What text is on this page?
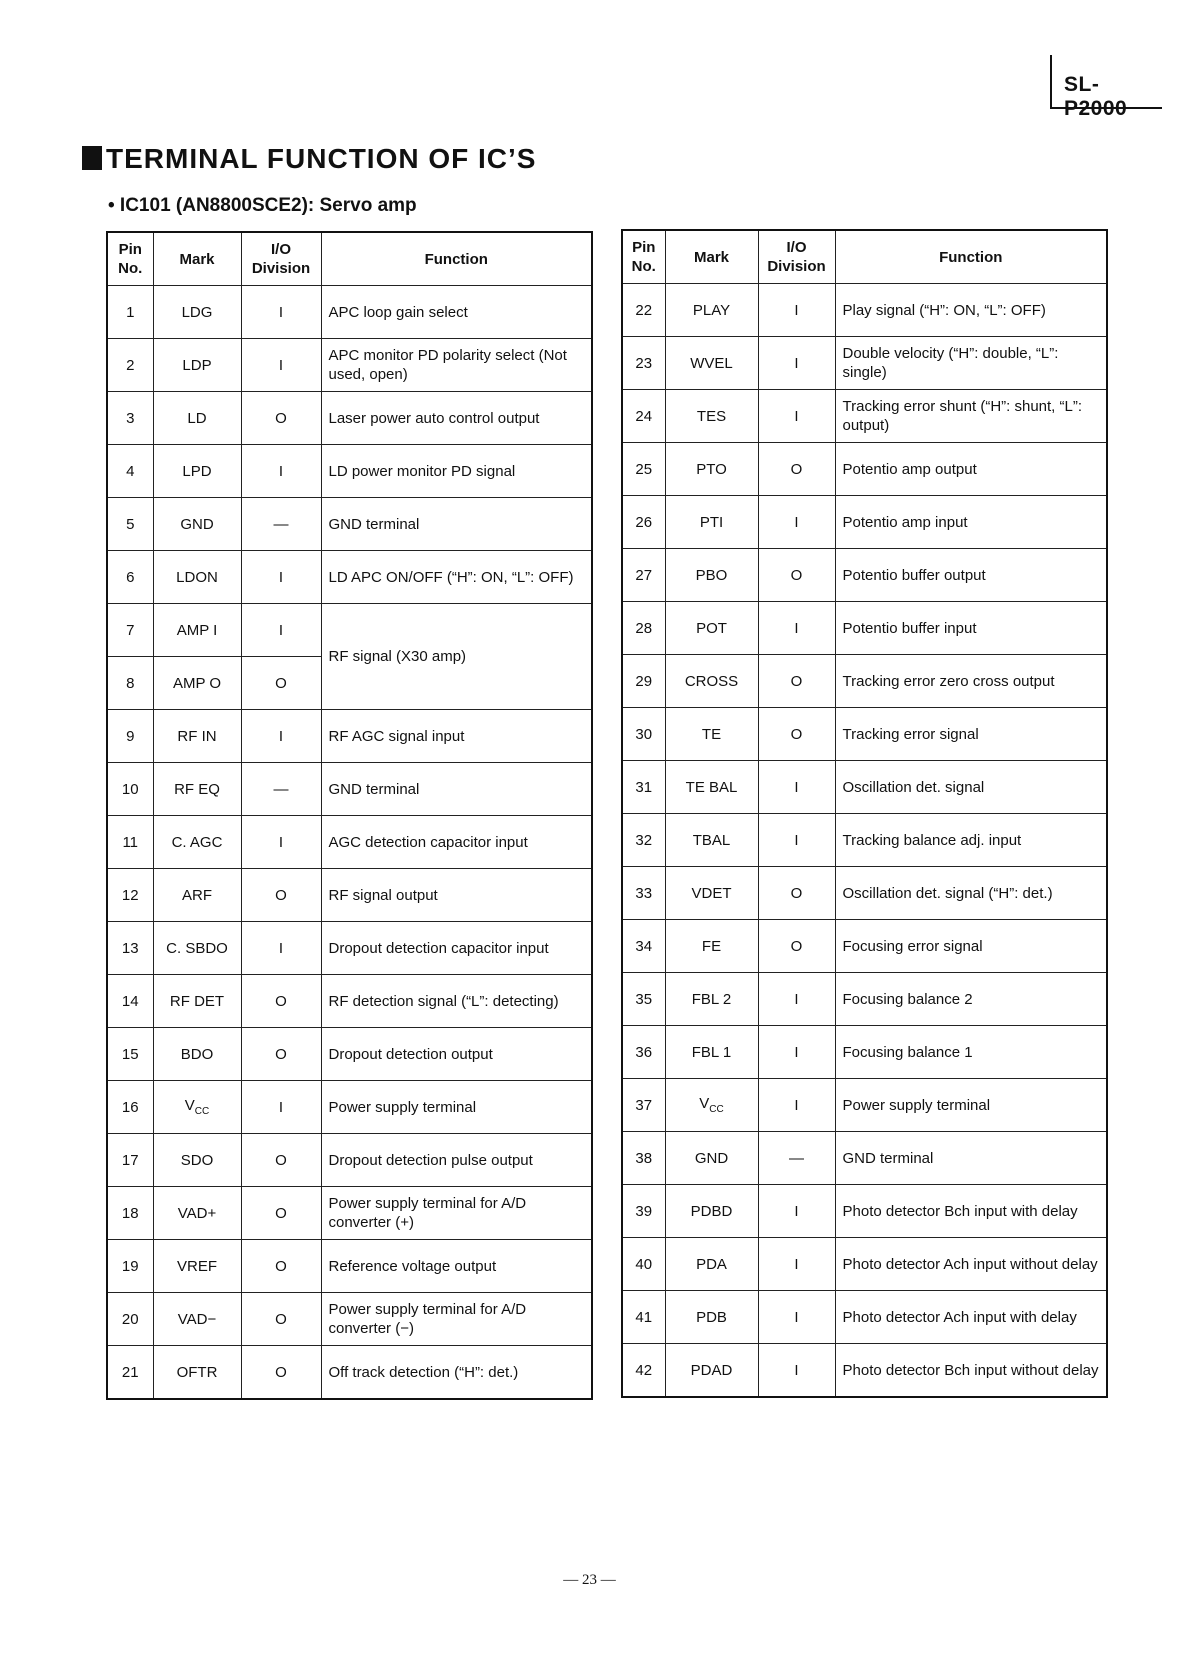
SL-P2000
TERMINAL FUNCTION OF IC’S
• IC101 (AN8800SCE2): Servo amp
Pin No.	Mark	I/O Division	Function
1	LDG	I	APC loop gain select
2	LDP	I	APC monitor PD polarity select (Not used, open)
3	LD	O	Laser power auto control output
4	LPD	I	LD power monitor PD signal
5	GND	—	GND terminal
6	LDON	I	LD APC ON/OFF (“H”: ON, “L”: OFF)
7	AMP I	I	RF signal (X30 amp)
8	AMP O	O	
9	RF IN	I	RF AGC signal input
10	RF EQ	—	GND terminal
11	C. AGC	I	AGC detection capacitor input
12	ARF	O	RF signal output
13	C. SBDO	I	Dropout detection capacitor input
14	RF DET	O	RF detection signal (“L”: detecting)
15	BDO	O	Dropout detection output
16	$V_{CC}$	I	Power supply terminal
17	SDO	O	Dropout detection pulse output
18	VAD+	O	Power supply terminal for A/D converter (+)
19	VREF	O	Reference voltage output
20	VAD−	O	Power supply terminal for A/D converter (−)
21	OFTR	O	Off track detection (“H”: det.)
Pin No.	Mark	I/O Division	Function
22	PLAY	I	Play signal (“H”: ON, “L”: OFF)
23	WVEL	I	Double velocity (“H”: double, “L”: single)
24	TES	I	Tracking error shunt (“H”: shunt, “L”: output)
25	PTO	O	Potentio amp output
26	PTI	I	Potentio amp input
27	PBO	O	Potentio buffer output
28	POT	I	Potentio buffer input
29	CROSS	O	Tracking error zero cross output
30	TE	O	Tracking error signal
31	TE BAL	I	Oscillation det. signal
32	TBAL	I	Tracking balance adj. input
33	VDET	O	Oscillation det. signal (“H”: det.)
34	FE	O	Focusing error signal
35	FBL 2	I	Focusing balance 2
36	FBL 1	I	Focusing balance 1
37	$V_{CC}$	I	Power supply terminal
38	GND	—	GND terminal
39	PDBD	I	Photo detector Bch input with delay
40	PDA	I	Photo detector Ach input without delay
41	PDB	I	Photo detector Ach input with delay
42	PDAD	I	Photo detector Bch input without delay
— 23 —
